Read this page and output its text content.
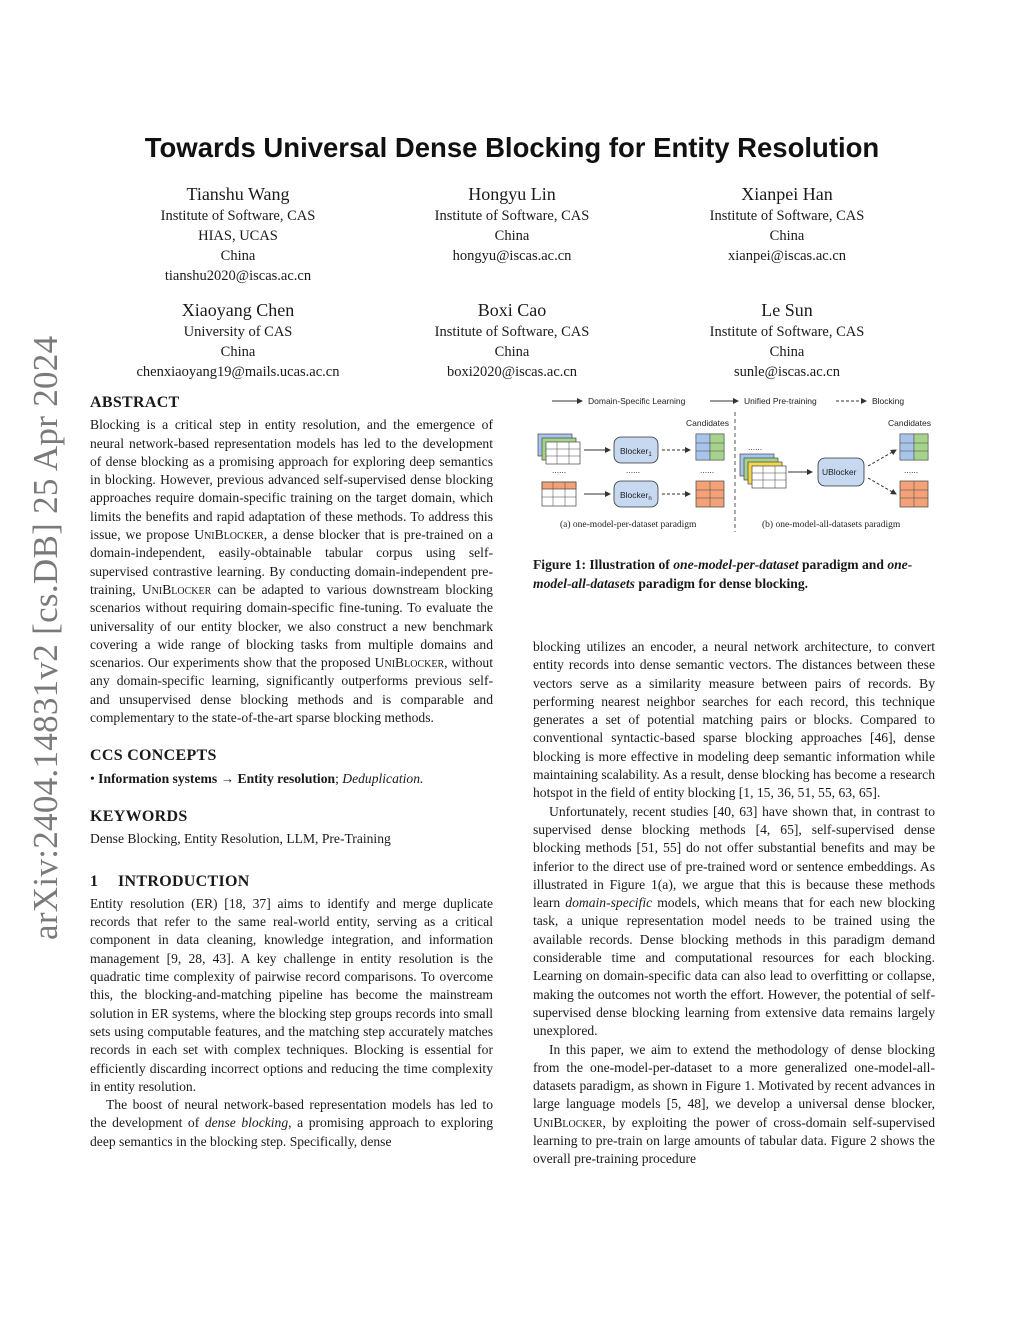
arXiv:2404.14831v2 [cs.DB] 25 Apr 2024
Towards Universal Dense Blocking for Entity Resolution
Tianshu Wang
Institute of Software, CAS
HIAS, UCAS
China
tianshu2020@iscas.ac.cn
Hongyu Lin
Institute of Software, CAS
China
hongyu@iscas.ac.cn
Xianpei Han
Institute of Software, CAS
China
xianpei@iscas.ac.cn
Xiaoyang Chen
University of CAS
China
chenxiaoyang19@mails.ucas.ac.cn
Boxi Cao
Institute of Software, CAS
China
boxi2020@iscas.ac.cn
Le Sun
Institute of Software, CAS
China
sunle@iscas.ac.cn
ABSTRACT

Blocking is a critical step in entity resolution, and the emergence of neural network-based representation models has led to the development of dense blocking as a promising approach for exploring deep semantics in blocking. However, previous advanced self-supervised dense blocking approaches require domain-specific training on the target domain, which limits the benefits and rapid adaptation of these methods. To address this issue, we propose UniBlocker, a dense blocker that is pre-trained on a domain-independent, easily-obtainable tabular corpus using self-supervised contrastive learning. By conducting domain-independent pre-training, UniBlocker can be adapted to various downstream blocking scenarios without requiring domain-specific fine-tuning. To evaluate the universality of our entity blocker, we also construct a new benchmark covering a wide range of blocking tasks from multiple domains and scenarios. Our experiments show that the proposed UniBlocker, without any domain-specific learning, significantly outperforms previous self- and unsupervised dense blocking methods and is comparable and complementary to the state-of-the-art sparse blocking methods.

CCS CONCEPTS

• Information systems → Entity resolution; Deduplication.

KEYWORDS

Dense Blocking, Entity Resolution, LLM, Pre-Training

1 INTRODUCTION

Entity resolution (ER) [18, 37] aims to identify and merge duplicate records that refer to the same real-world entity, serving as a critical component in data cleaning, knowledge integration, and information management [9, 28, 43]. A key challenge in entity resolution is the quadratic time complexity of pairwise record comparisons. To overcome this, the blocking-and-matching pipeline has become the mainstream solution in ER systems, where the blocking step groups records into small sets using computable features, and the matching step accurately matches records in each set with complex techniques. Blocking is essential for efficiently discarding incorrect options and reducing the time complexity in entity resolution.

The boost of neural network-based representation models has led to the development of dense blocking, a promising approach to exploring deep semantics in the blocking step. Specifically, dense

Domain-Specific Learning	Unified Pre-training	Blocking
......
Blocker$_1$
......
Blocker$_n$
Candidates
......
(a) one-model-per-dataset paradigm
......
UBlocker
Candidates
......
(b) one-model-all-datasets paradigm
Figure 1: Illustration of one-model-per-dataset paradigm and one-model-all-datasets paradigm for dense blocking.

blocking utilizes an encoder, a neural network architecture, to convert entity records into dense semantic vectors. The distances between these vectors serve as a similarity measure between pairs of records. By performing nearest neighbor searches for each record, this technique generates a set of potential matching pairs or blocks. Compared to conventional syntactic-based sparse blocking approaches [46], dense blocking is more effective in modeling deep semantic information while maintaining scalability. As a result, dense blocking has become a research hotspot in the field of entity blocking [1, 15, 36, 51, 55, 63, 65].

Unfortunately, recent studies [40, 63] have shown that, in contrast to supervised dense blocking methods [4, 65], self-supervised dense blocking methods [51, 55] do not offer substantial benefits and may be inferior to the direct use of pre-trained word or sentence embeddings. As illustrated in Figure 1(a), we argue that this is because these methods learn domain-specific models, which means that for each new blocking task, a unique representation model needs to be trained using the available records. Dense blocking methods in this paradigm demand considerable time and computational resources for each blocking. Learning on domain-specific data can also lead to overfitting or collapse, making the outcomes not worth the effort. However, the potential of self-supervised dense blocking learning from extensive data remains largely unexplored.

In this paper, we aim to extend the methodology of dense blocking from the one-model-per-dataset to a more generalized one-model-all-datasets paradigm, as shown in Figure 1. Motivated by recent advances in large language models [5, 48], we develop a universal dense blocker, UniBlocker, by exploiting the power of cross-domain self-supervised learning to pre-train on large amounts of tabular data. Figure 2 shows the overall pre-training procedure
